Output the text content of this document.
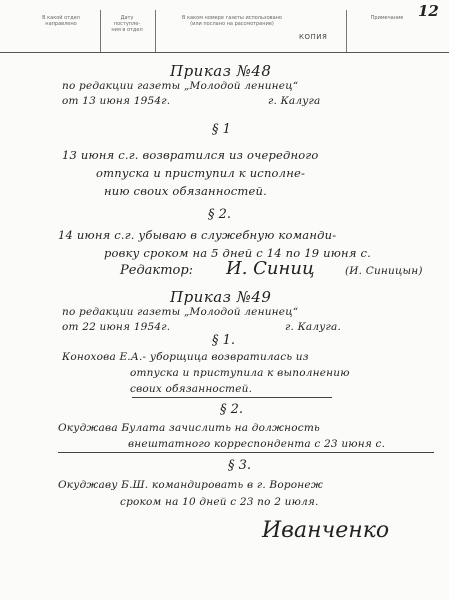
В какой отдел
направлено
Дату
поступле-
ния в отдел
В каком номере газеты использовано
(или послано на рассмотрение)
КОПИЯ
Примечание 12
Приказ №48
по редакции газеты „Молодой ленинец“
от 13 июня 1954г.	г. Калуга
§ 1
13 июня с.г. возвратился из очередного
отпуска и приступил к исполне-
нию своих обязанностей.
§ 2.
14 июня с.г. убываю в служебную команди-
ровку сроком на 5 дней с 14 по 19 июня с.
Редактор: И. Синиц	(И. Синицын)
Приказ №49
по редакции газеты „Молодой ленинец“
от 22 июня 1954г.	г. Калуга.
§ 1.
Конохова Е.А.- уборщица возвратилась из
отпуска и приступила к выполнению
своих обязанностей.
§ 2.
Окуджава Булата зачислить на должность
внештатного корреспондента с 23 июня с.
§ 3.
Окуджаву Б.Ш. командировать в г. Воронеж
сроком на 10 дней с 23 по 2 июля.
Иванченко
